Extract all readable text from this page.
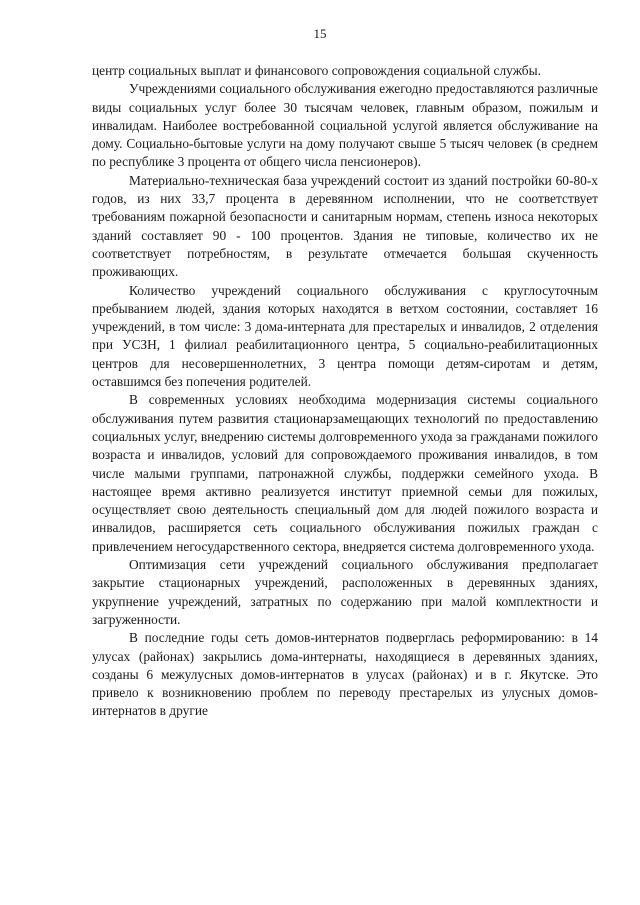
15

центр социальных выплат и финансового сопровождения социальной службы.

Учреждениями социального обслуживания ежегодно предоставляются различные виды социальных услуг более 30 тысячам человек, главным образом, пожилым и инвалидам. Наиболее востребованной социальной услугой является обслуживание на дому. Социально-бытовые услуги на дому получают свыше 5 тысяч человек (в среднем по республике 3 процента от общего числа пенсионеров).

Материально-техническая база учреждений состоит из зданий постройки 60-80-х годов, из них 33,7 процента в деревянном исполнении, что не соответствует требованиям пожарной безопасности и санитарным нормам, степень износа некоторых зданий составляет 90 - 100 процентов. Здания не типовые, количество их не соответствует потребностям, в результате отмечается большая скученность проживающих.

Количество учреждений социального обслуживания с круглосуточным пребыванием людей, здания которых находятся в ветхом состоянии, составляет 16 учреждений, в том числе: 3 дома-интерната для престарелых и инвалидов, 2 отделения при УСЗН, 1 филиал реабилитационного центра, 5 социально-реабилитационных центров для несовершеннолетних, 3 центра помощи детям-сиротам и детям, оставшимся без попечения родителей.

В современных условиях необходима модернизация системы социального обслуживания путем развития стационарзамещающих технологий по предоставлению социальных услуг, внедрению системы долговременного ухода за гражданами пожилого возраста и инвалидов, условий для сопровождаемого проживания инвалидов, в том числе малыми группами, патронажной службы, поддержки семейного ухода. В настоящее время активно реализуется институт приемной семьи для пожилых, осуществляет свою деятельность специальный дом для людей пожилого возраста и инвалидов, расширяется сеть социального обслуживания пожилых граждан с привлечением негосударственного сектора, внедряется система долговременного ухода.

Оптимизация сети учреждений социального обслуживания предполагает закрытие стационарных учреждений, расположенных в деревянных зданиях, укрупнение учреждений, затратных по содержанию при малой комплектности и загруженности.

В последние годы сеть домов-интернатов подверглась реформированию: в 14 улусах (районах) закрылись дома-интернаты, находящиеся в деревянных зданиях, созданы 6 межулусных домов-интернатов в улусах (районах) и в г. Якутске. Это привело к возникновению проблем по переводу престарелых из улусных домов-интернатов в другие
